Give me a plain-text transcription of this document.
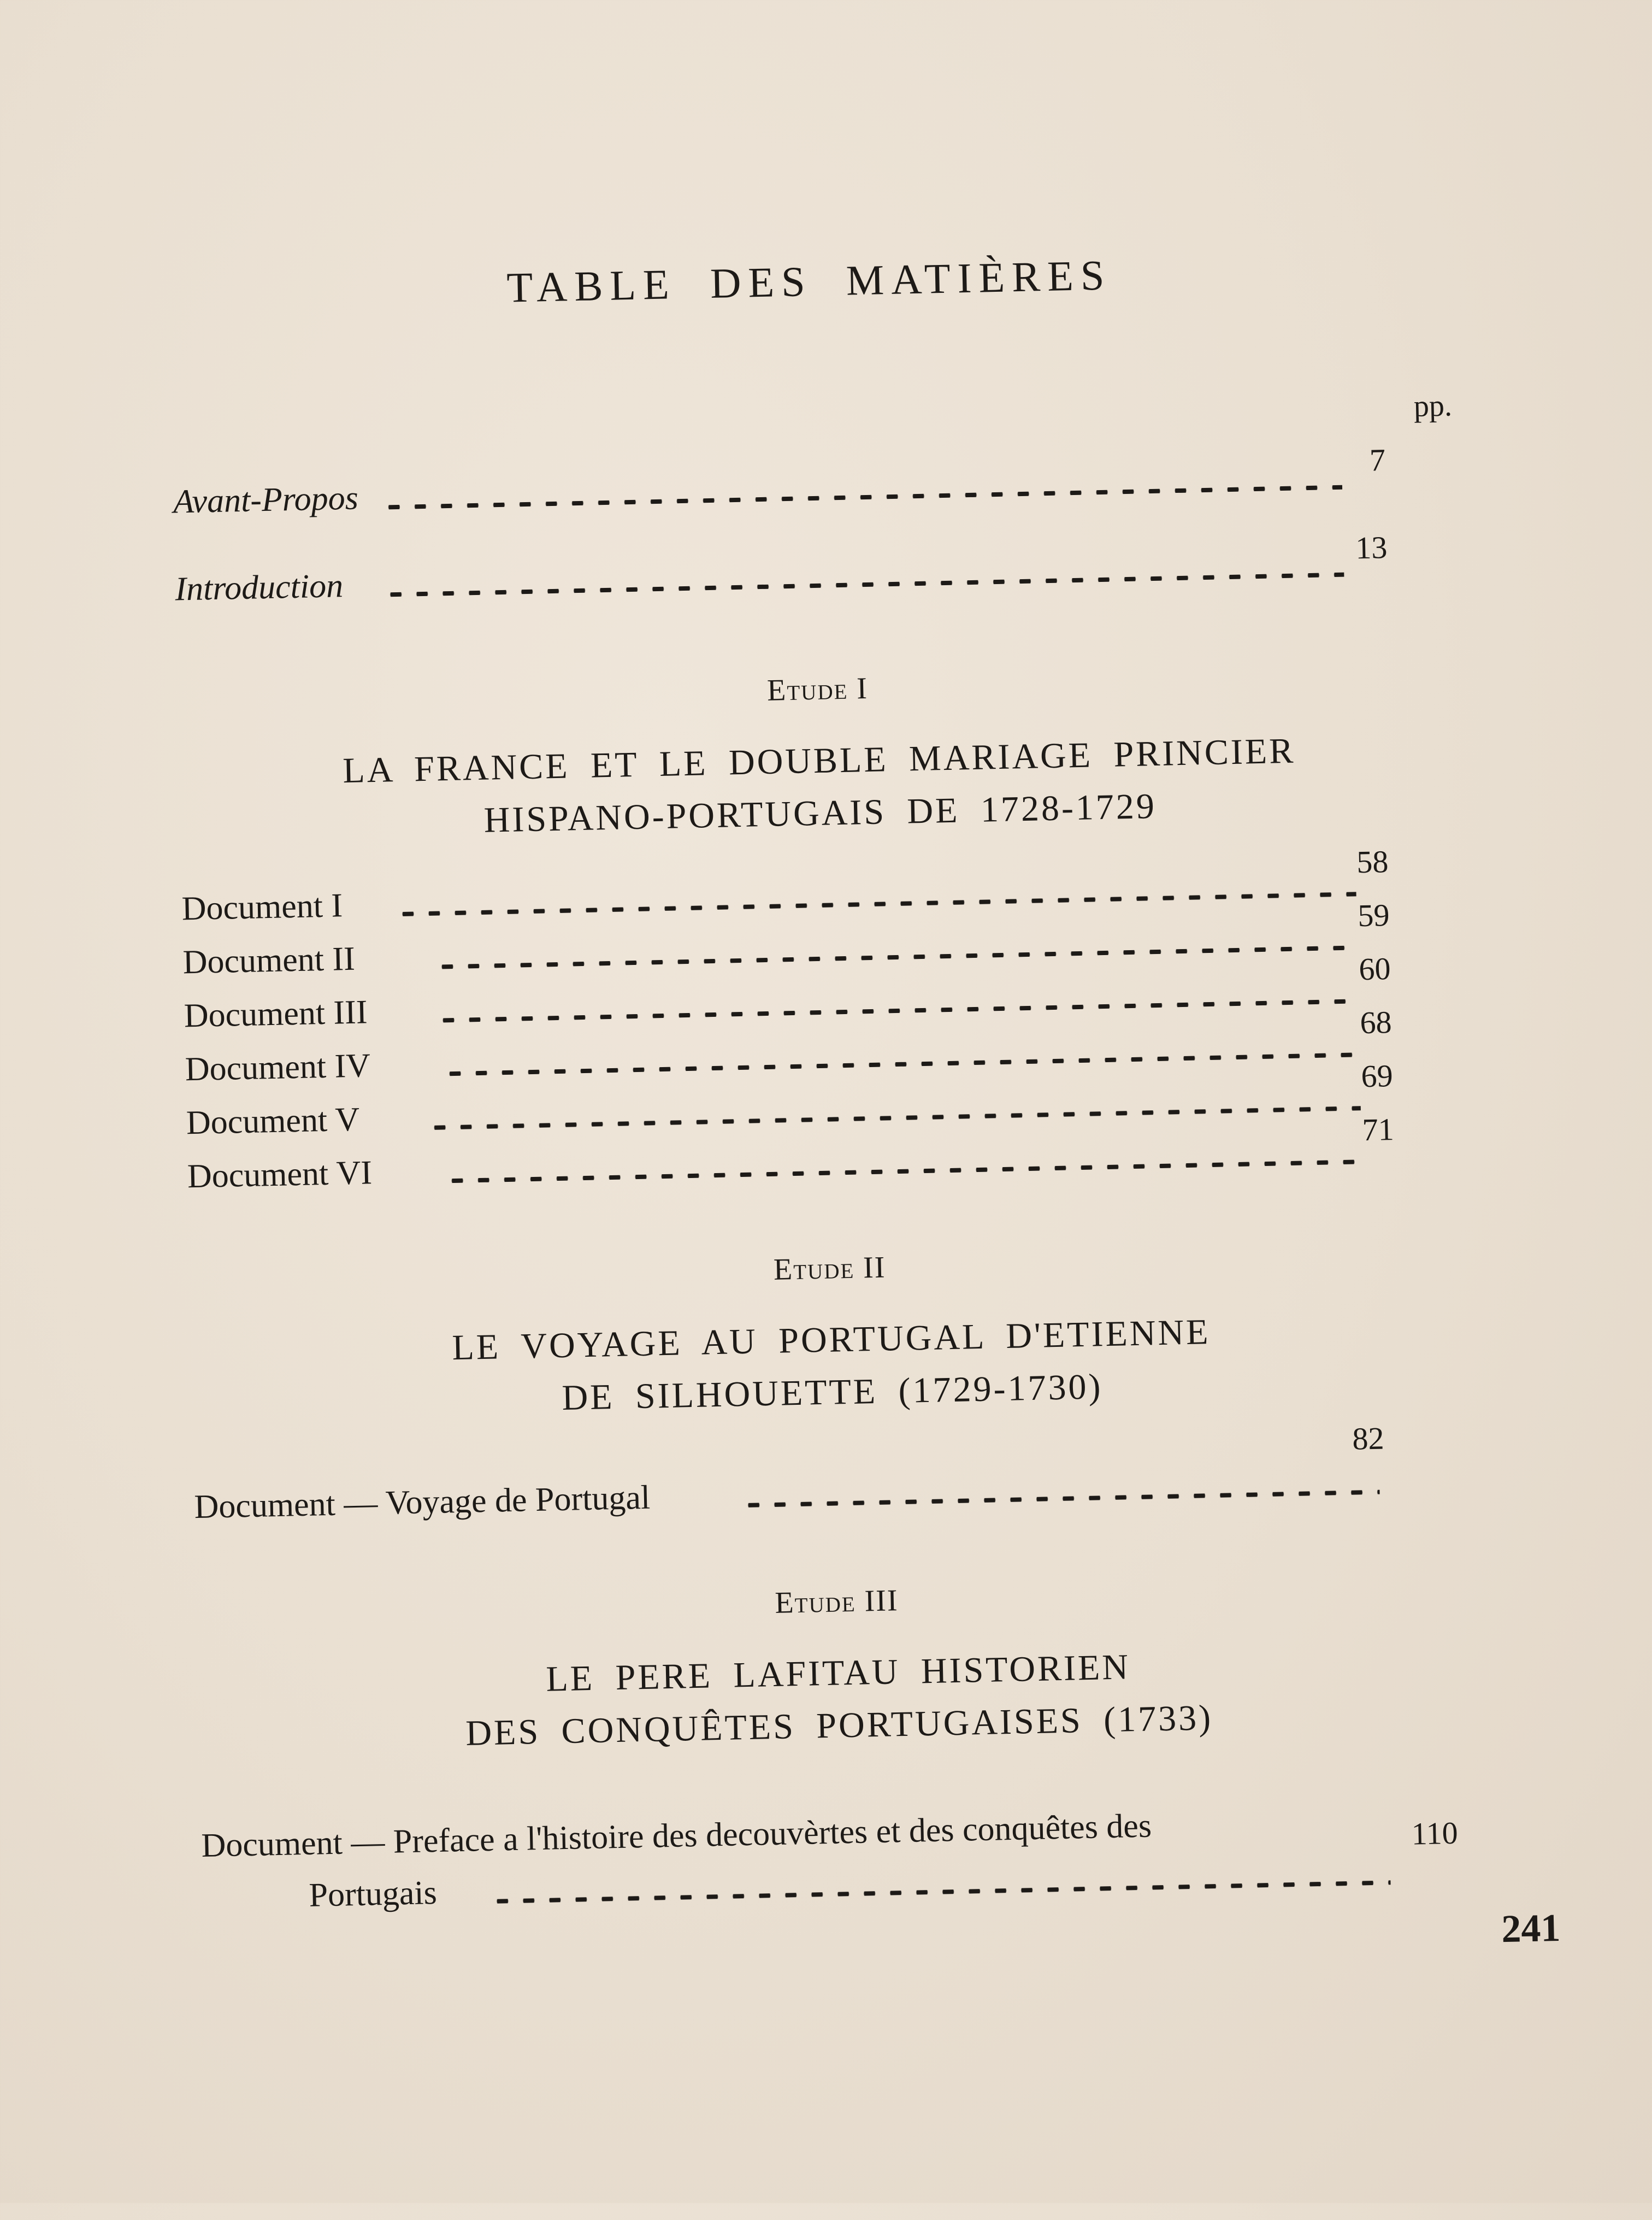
TABLE DES MATIÈRES
pp.
Avant-Propos
7
Introduction
13
Etude I
LA FRANCE ET LE DOUBLE MARIAGE PRINCIER
HISPANO-PORTUGAIS DE 1728-1729
Document I
58
Document II
59
Document III
60
Document IV
68
Document V
69
Document VI
71
Etude II
LE VOYAGE AU PORTUGAL D'ETIENNE
DE SILHOUETTE (1729-1730)
Document — Voyage de Portugal
82
Etude III
LE PERE LAFITAU HISTORIEN
DES CONQUÊTES PORTUGAISES (1733)
Document — Preface a l'histoire des decouvèrtes et des conquêtes des
Portugais
110
241
